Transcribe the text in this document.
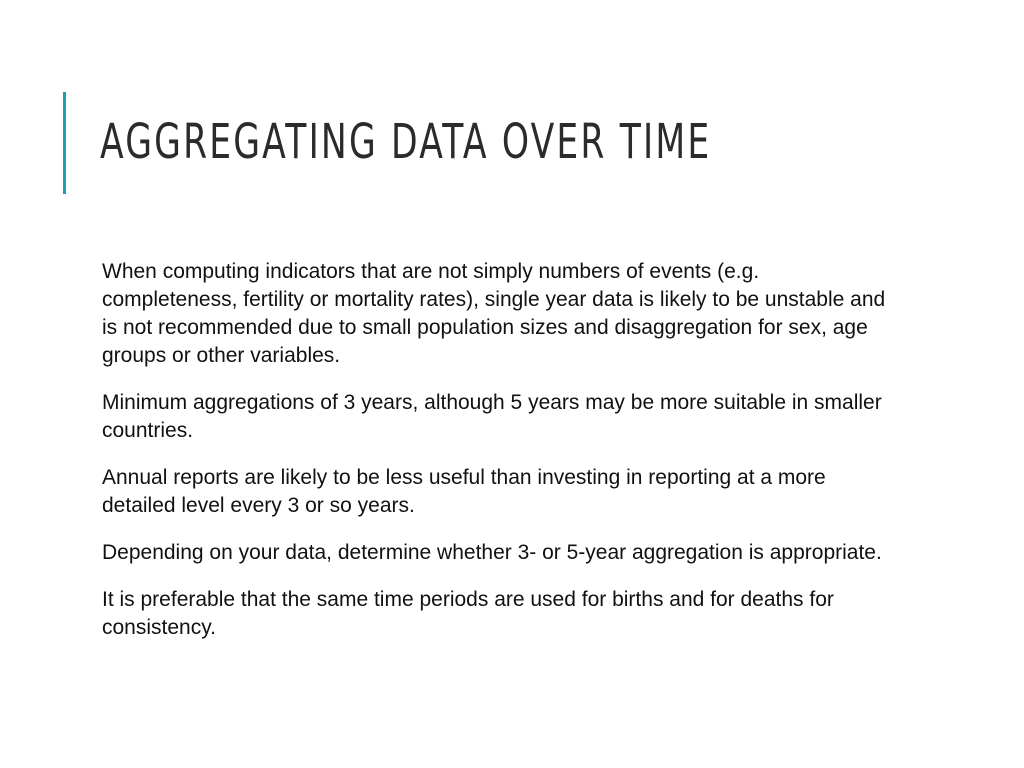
AGGREGATING DATA OVER TIME

When computing indicators that are not simply numbers of events (e.g. completeness, fertility or mortality rates), single year data is likely to be unstable and is not recommended due to small population sizes and disaggregation for sex, age groups or other variables.

Minimum aggregations of 3 years, although 5 years may be more suitable in smaller countries.

Annual reports are likely to be less useful than investing in reporting at a more detailed level every 3 or so years.

Depending on your data, determine whether 3- or 5-year aggregation is appropriate.

It is preferable that the same time periods are used for births and for deaths for consistency.
